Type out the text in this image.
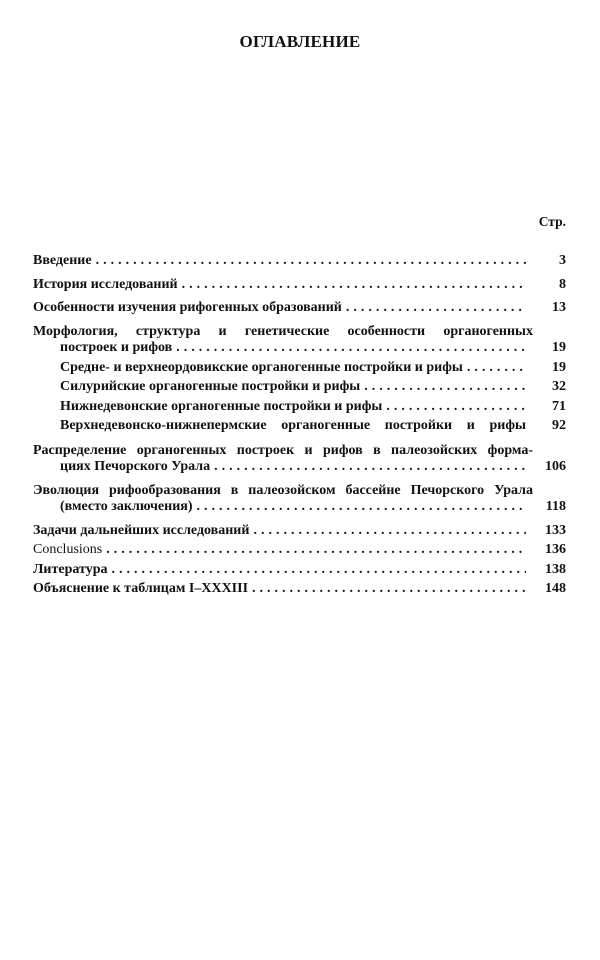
ОГЛАВЛЕНИЕ
Стр.
Введение . . .	3
История исследований . . .	8
Особенности изучения рифогенных образований . . .	13
Морфология, структура и генетические особенности органогенных
построек и рифов . . .	19
Средне- и верхнеордовикские органогенные постройки и рифы . . .	19
Силурийские органогенные постройки и рифы . . .	32
Нижнедевонские органогенные постройки и рифы . . .	71
Верхнедевонско-нижнепермские органогенные постройки и рифы	92
Распределение органогенных построек и рифов в палеозойских форма-
циях Печорского Урала . . .	106
Эволюция рифообразования в палеозойском бассейне Печорского Урала
(вместо заключения) . . .	118
Задачи дальнейших исследований . . .	133
Conclusions . . .	136
Литература . . .	138
Объяснение к таблицам I–XXXIII . . .	148
